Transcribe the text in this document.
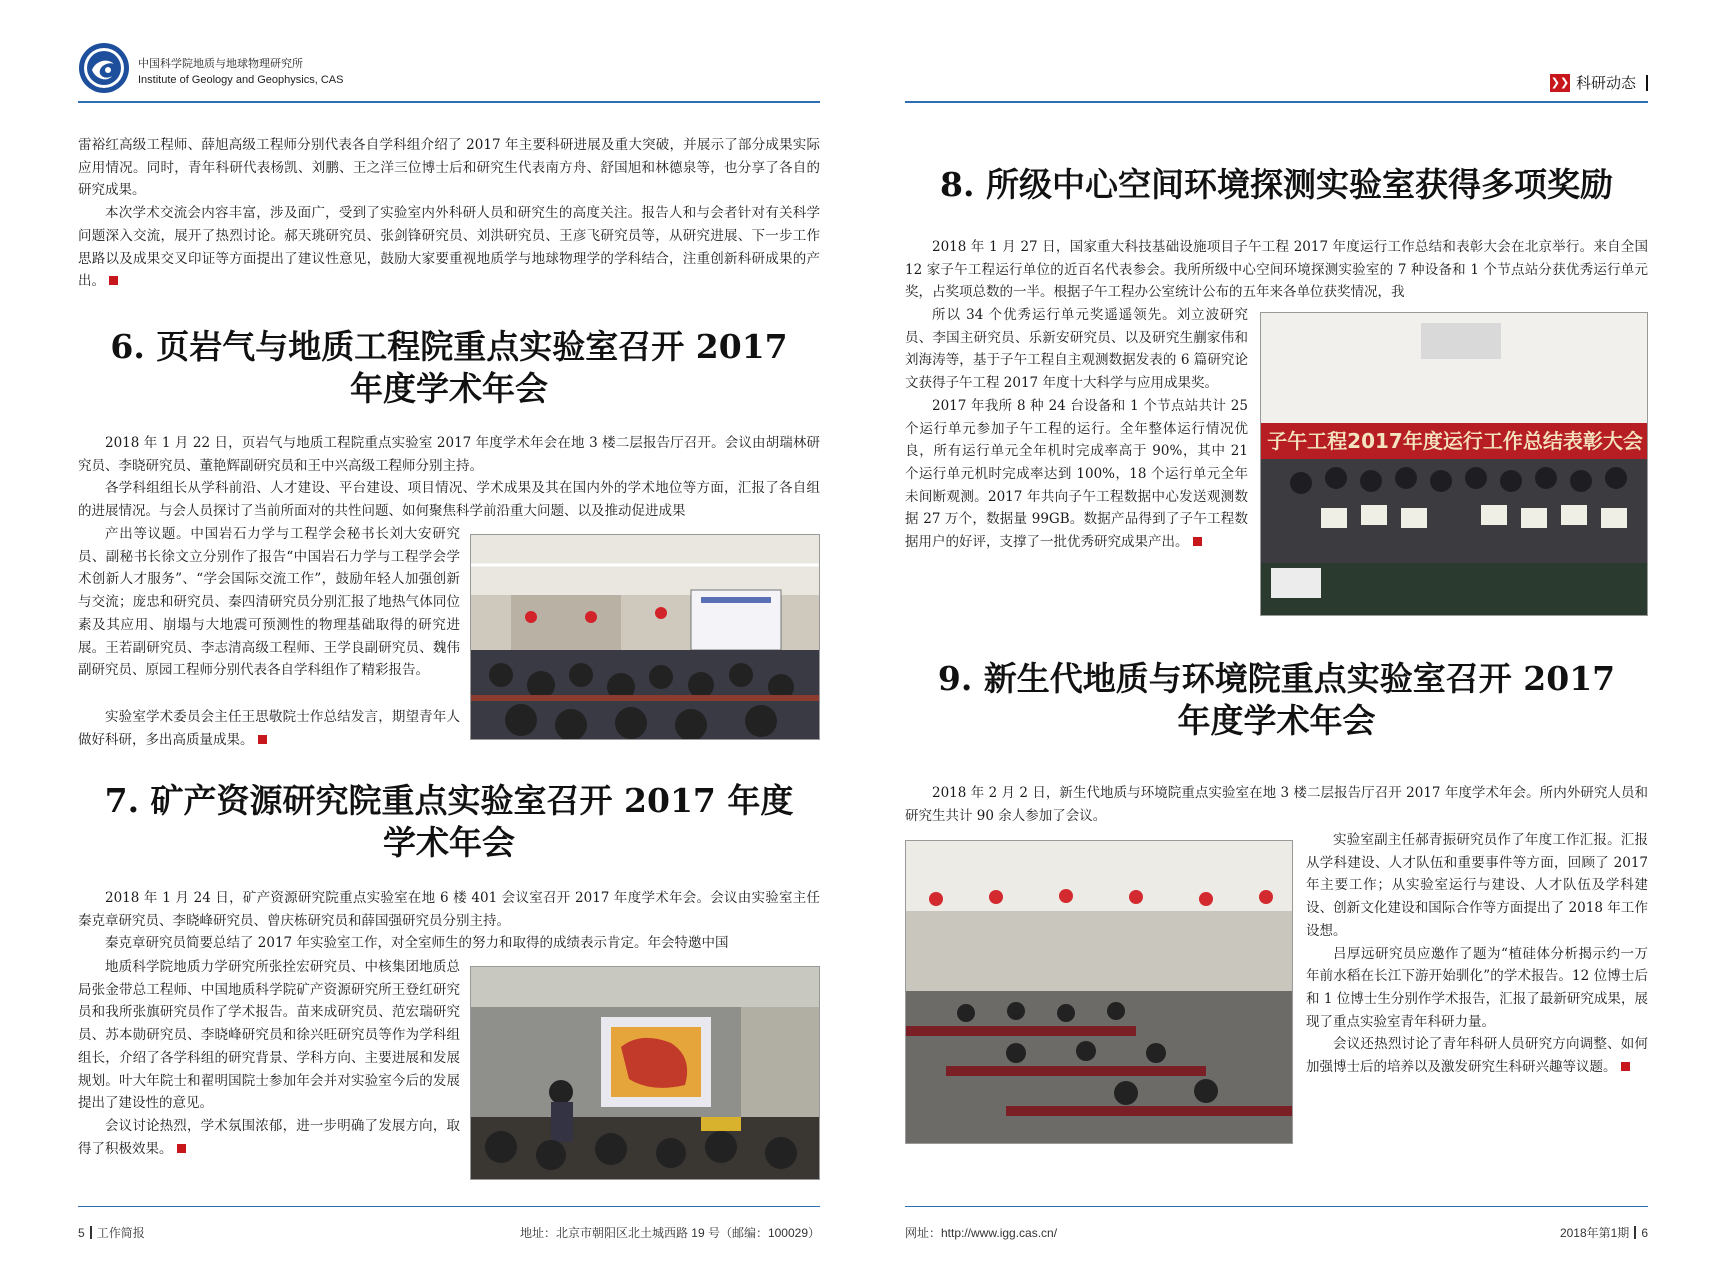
中国科学院地质与地球物理研究所
Institute of Geology and Geophysics, CAS

雷裕红高级工程师、薛旭高级工程师分别代表各自学科组介绍了 2017 年主要科研进展及重大突破，并展示了部分成果实际应用情况。同时，青年科研代表杨凯、刘鹏、王之洋三位博士后和研究生代表南方舟、舒国旭和林德泉等，也分享了各自的研究成果。

本次学术交流会内容丰富，涉及面广，受到了实验室内外科研人员和研究生的高度关注。报告人和与会者针对有关科学问题深入交流，展开了热烈讨论。郝天珧研究员、张剑锋研究员、刘洪研究员、王彦飞研究员等，从研究进展、下一步工作思路以及成果交叉印证等方面提出了建议性意见，鼓励大家要重视地质学与地球物理学的学科结合，注重创新科研成果的产出。

6. 页岩气与地质工程院重点实验室召开 2017
年度学术年会

2018 年 1 月 22 日，页岩气与地质工程院重点实验室 2017 年度学术年会在地 3 楼二层报告厅召开。会议由胡瑞林研究员、李晓研究员、董艳辉副研究员和王中兴高级工程师分别主持。

各学科组组长从学科前沿、人才建设、平台建设、项目情况、学术成果及其在国内外的学术地位等方面，汇报了各自组的进展情况。与会人员探讨了当前所面对的共性问题、如何聚焦科学前沿重大问题、以及推动促进成果

产出等议题。中国岩石力学与工程学会秘书长刘大安研究员、副秘书长徐文立分别作了报告“中国岩石力学与工程学会学术创新人才服务”、“学会国际交流工作”，鼓励年轻人加强创新与交流；庞忠和研究员、秦四清研究员分别汇报了地热气体同位素及其应用、崩塌与大地震可预测性的物理基础取得的研究进展。王若副研究员、李志清高级工程师、王学良副研究员、魏伟副研究员、原园工程师分别代表各自学科组作了精彩报告。

实验室学术委员会主任王思敬院士作总结发言，期望青年人做好科研，多出高质量成果。

7. 矿产资源研究院重点实验室召开 2017 年度
学术年会

2018 年 1 月 24 日，矿产资源研究院重点实验室在地 6 楼 401 会议室召开 2017 年度学术年会。会议由实验室主任秦克章研究员、李晓峰研究员、曾庆栋研究员和薛国强研究员分别主持。

秦克章研究员简要总结了 2017 年实验室工作，对全室师生的努力和取得的成绩表示肯定。年会特邀中国

地质科学院地质力学研究所张拴宏研究员、中核集团地质总局张金带总工程师、中国地质科学院矿产资源研究所王登红研究员和我所张旗研究员作了学术报告。苗来成研究员、范宏瑞研究员、苏本勋研究员、李晓峰研究员和徐兴旺研究员等作为学科组组长，介绍了各学科组的研究背景、学科方向、主要进展和发展规划。叶大年院士和翟明国院士参加年会并对实验室今后的发展提出了建设性的意见。

会议讨论热烈，学术氛围浓郁，进一步明确了发展方向，取得了积极效果。

5 工作简报	地址：北京市朝阳区北土城西路 19 号（邮编：100029）
❯❯ 科研动态
8. 所级中心空间环境探测实验室获得多项奖励

2018 年 1 月 27 日，国家重大科技基础设施项目子午工程 2017 年度运行工作总结和表彰大会在北京举行。来自全国 12 家子午工程运行单位的近百名代表参会。我所所级中心空间环境探测实验室的 7 种设备和 1 个节点站分获优秀运行单元奖，占奖项总数的一半。根据子午工程办公室统计公布的五年来各单位获奖情况，我

所以 34 个优秀运行单元奖遥遥领先。刘立波研究员、李国主研究员、乐新安研究员、以及研究生蒯家伟和刘海涛等，基于子午工程自主观测数据发表的 6 篇研究论文获得子午工程 2017 年度十大科学与应用成果奖。

2017 年我所 8 种 24 台设备和 1 个节点站共计 25 个运行单元参加子午工程的运行。全年整体运行情况优良，所有运行单元全年机时完成率高于 90%，其中 21 个运行单元机时完成率达到 100%，18 个运行单元全年未间断观测。2017 年共向子午工程数据中心发送观测数据 27 万个，数据量 99GB。数据产品得到了子午工程数据用户的好评，支撑了一批优秀研究成果产出。

子午工程2017年度运行工作总结表彰大会
9. 新生代地质与环境院重点实验室召开 2017
年度学术年会

2018 年 2 月 2 日，新生代地质与环境院重点实验室在地 3 楼二层报告厅召开 2017 年度学术年会。所内外研究人员和研究生共计 90 余人参加了会议。

实验室副主任郝青振研究员作了年度工作汇报。汇报从学科建设、人才队伍和重要事件等方面，回顾了 2017 年主要工作；从实验室运行与建设、人才队伍及学科建设、创新文化建设和国际合作等方面提出了 2018 年工作设想。

吕厚远研究员应邀作了题为“植硅体分析揭示约一万年前水稻在长江下游开始驯化”的学术报告。12 位博士后和 1 位博士生分别作学术报告，汇报了最新研究成果，展现了重点实验室青年科研力量。

会议还热烈讨论了青年科研人员研究方向调整、如何加强博士后的培养以及激发研究生科研兴趣等议题。

网址：http://www.igg.cas.cn/	2018年第1期 6
